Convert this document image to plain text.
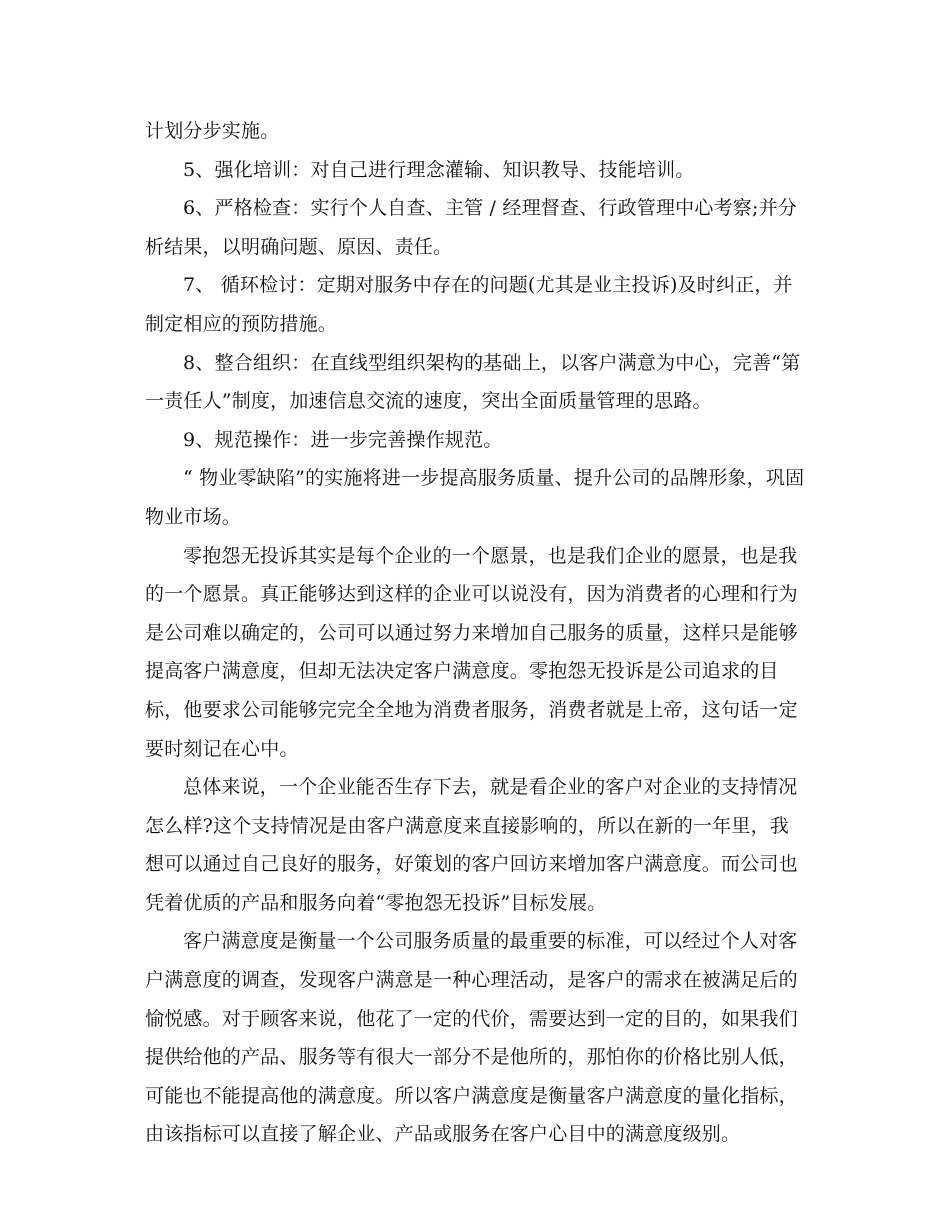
计划分步实施。

5、强化培训：对自己进行理念灌输、知识教导、技能培训。

6、严格检查：实行个人自查、主管 / 经理督查、行政管理中心考察;并分析结果，以明确问题、原因、责任。

7、 循环检讨：定期对服务中存在的问题(尤其是业主投诉)及时纠正，并制定相应的预防措施。

8、整合组织：在直线型组织架构的基础上，以客户满意为中心，完善“第一责任人”制度，加速信息交流的速度，突出全面质量管理的思路。

9、规范操作：进一步完善操作规范。

“ 物业零缺陷”的实施将进一步提高服务质量、提升公司的品牌形象，巩固物业市场。

零抱怨无投诉其实是每个企业的一个愿景，也是我们企业的愿景，也是我的一个愿景。真正能够达到这样的企业可以说没有，因为消费者的心理和行为是公司难以确定的，公司可以通过努力来增加自己服务的质量，这样只是能够提高客户满意度，但却无法决定客户满意度。零抱怨无投诉是公司追求的目标，他要求公司能够完完全全地为消费者服务，消费者就是上帝，这句话一定要时刻记在心中。

总体来说，一个企业能否生存下去，就是看企业的客户对企业的支持情况怎么样?这个支持情况是由客户满意度来直接影响的，所以在新的一年里，我想可以通过自己良好的服务，好策划的客户回访来增加客户满意度。而公司也凭着优质的产品和服务向着“零抱怨无投诉”目标发展。

客户满意度是衡量一个公司服务质量的最重要的标准，可以经过个人对客户满意度的调查，发现客户满意是一种心理活动，是客户的需求在被满足后的愉悦感。对于顾客来说，他花了一定的代价，需要达到一定的目的，如果我们提供给他的产品、服务等有很大一部分不是他所的，那怕你的价格比别人低，可能也不能提高他的满意度。所以客户满意度是衡量客户满意度的量化指标，由该指标可以直接了解企业、产品或服务在客户心目中的满意度级别。
